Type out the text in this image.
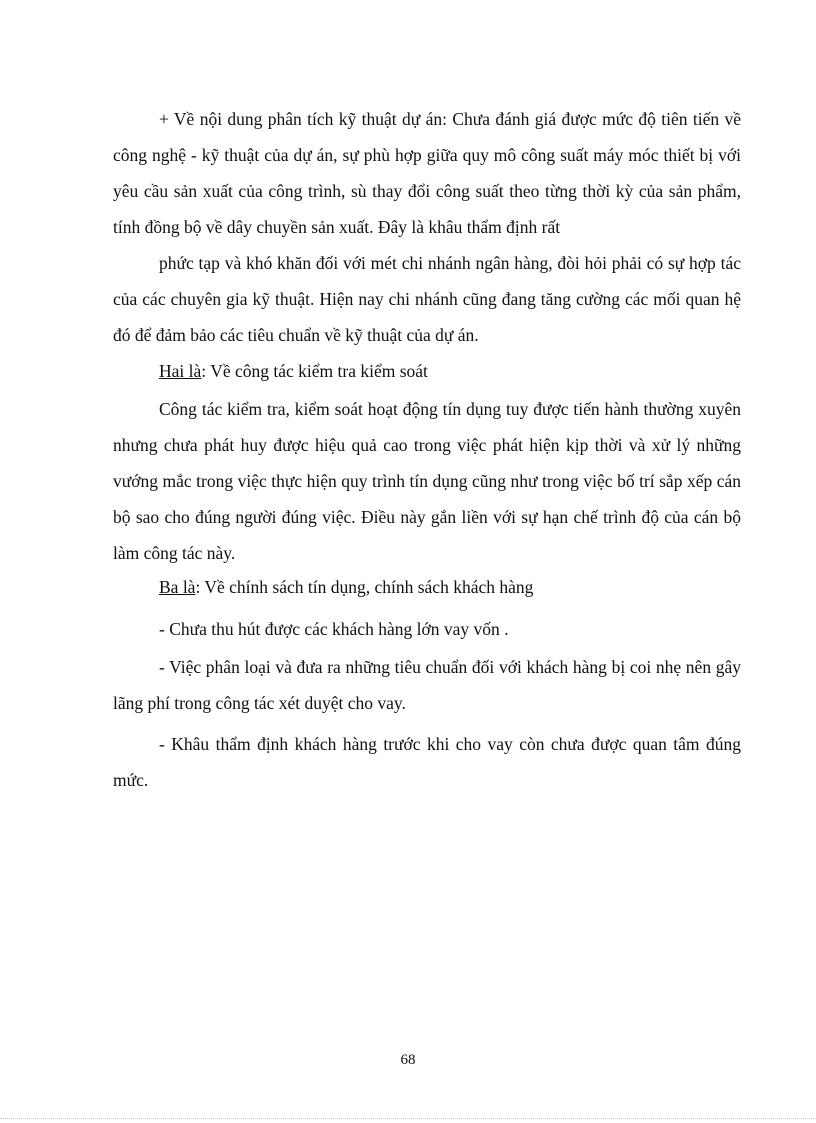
+ Về nội dung phân tích kỹ thuật dự án: Chưa đánh giá được mức độ tiên tiến về công nghệ - kỹ thuật của dự án, sự phù hợp giữa quy mô công suất máy móc thiết bị với yêu cầu sản xuất của công trình, sù thay đổi công suất theo từng thời kỳ của sản phẩm, tính đồng bộ về dây chuyền sản xuất. Đây là khâu thẩm định rất

phức tạp và khó khăn đối với mét chi nhánh ngân hàng, đòi hỏi phải có sự hợp tác của các chuyên gia kỹ thuật. Hiện nay chi nhánh cũng đang tăng cường các mối quan hệ đó để đảm bảo các tiêu chuẩn về kỹ thuật của dự án.

Hai là: Về công tác kiểm tra kiểm soát

Công tác kiểm tra, kiểm soát hoạt động tín dụng tuy được tiến hành thường xuyên nhưng chưa phát huy được hiệu quả cao trong việc phát hiện kịp thời và xử lý những vướng mắc trong việc thực hiện quy trình tín dụng cũng như trong việc bố trí sắp xếp cán bộ sao cho đúng người đúng việc. Điều này gắn liền với sự hạn chế trình độ của cán bộ làm công tác này.

Ba là: Về chính sách tín dụng, chính sách khách hàng

- Chưa thu hút được các khách hàng lớn vay vốn .

- Việc phân loại và đưa ra những tiêu chuẩn đối với khách hàng bị coi nhẹ nên gây lãng phí trong công tác xét duyệt cho vay.

- Khâu thẩm định khách hàng trước khi cho vay còn chưa được quan tâm đúng mức.

68
